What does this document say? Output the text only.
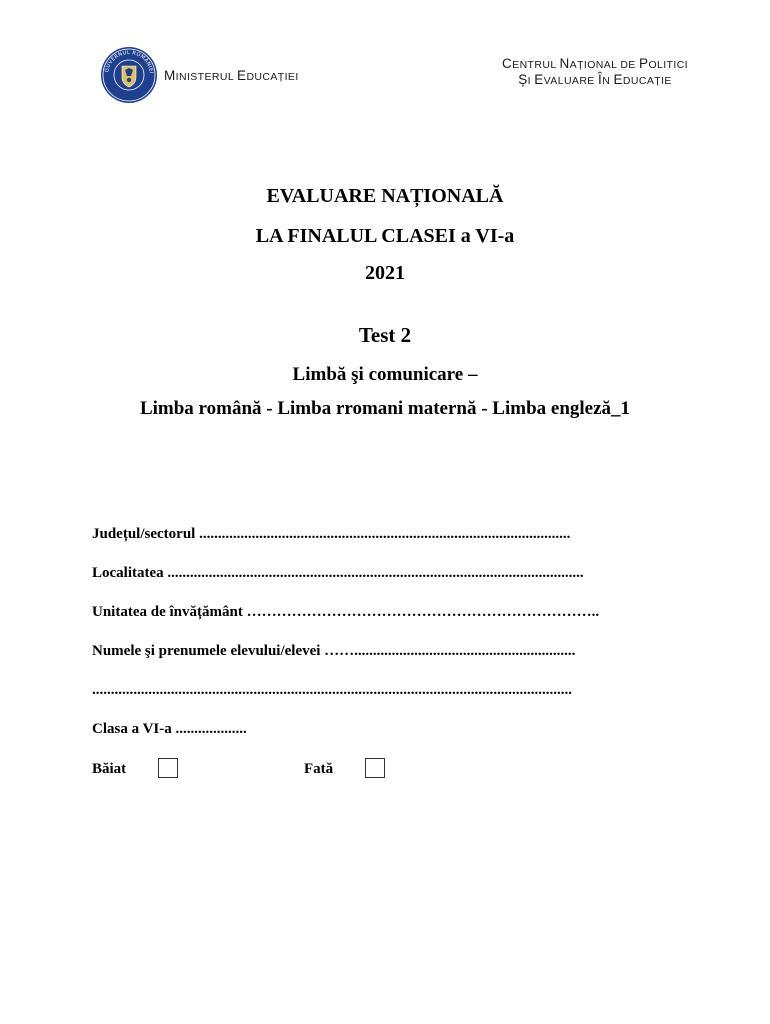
GUVERNUL ROMÂNIEI MINISTERUL EDUCAȚIEI
CENTRUL NAȚIONAL DE POLITICI
ȘI EVALUARE ÎN EDUCAȚIE
EVALUARE NAȚIONALĂ
LA FINALUL CLASEI a VI-a
2021
Test 2
Limbă şi comunicare –
Limba română - Limba rromani maternă - Limba engleză_1
Județul/sectorul ...................................................................................................
Localitatea ...............................................................................................................
Unitatea de învățământ ……………………………………………………………..
Numele şi prenumele elevului/elevei ……...........................................................
................................................................................................................................
Clasa a VI-a ...................
Băiat	Fată
